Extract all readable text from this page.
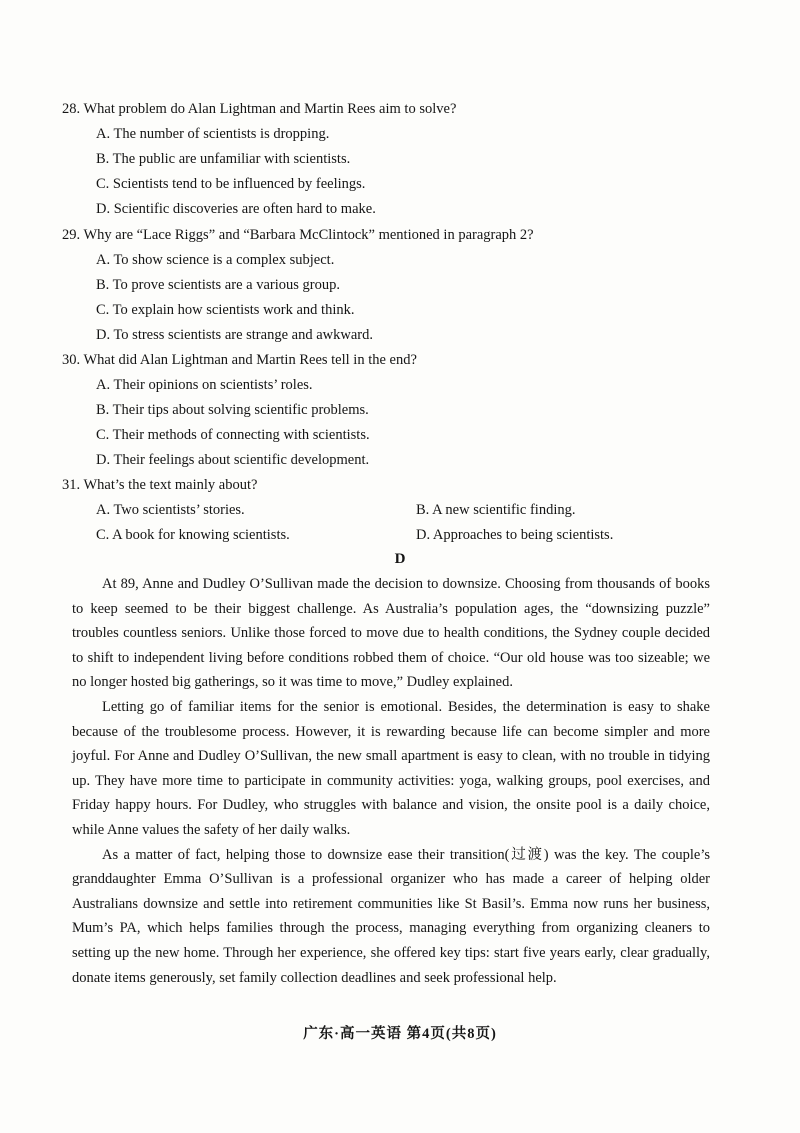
28. What problem do Alan Lightman and Martin Rees aim to solve?
A. The number of scientists is dropping.
B. The public are unfamiliar with scientists.
C. Scientists tend to be influenced by feelings.
D. Scientific discoveries are often hard to make.
29. Why are “Lace Riggs” and “Barbara McClintock” mentioned in paragraph 2?
A. To show science is a complex subject.
B. To prove scientists are a various group.
C. To explain how scientists work and think.
D. To stress scientists are strange and awkward.
30. What did Alan Lightman and Martin Rees tell in the end?
A. Their opinions on scientists’ roles.
B. Their tips about solving scientific problems.
C. Their methods of connecting with scientists.
D. Their feelings about scientific development.
31. What’s the text mainly about?
A. Two scientists’ stories.	B. A new scientific finding.
C. A book for knowing scientists.	D. Approaches to being scientists.
D

At 89, Anne and Dudley O’Sullivan made the decision to downsize. Choosing from thousands of books to keep seemed to be their biggest challenge. As Australia’s population ages, the “downsizing puzzle” troubles countless seniors. Unlike those forced to move due to health conditions, the Sydney couple decided to shift to independent living before conditions robbed them of choice. “Our old house was too sizeable; we no longer hosted big gatherings, so it was time to move,” Dudley explained.

Letting go of familiar items for the senior is emotional. Besides, the determination is easy to shake because of the troublesome process. However, it is rewarding because life can become simpler and more joyful. For Anne and Dudley O’Sullivan, the new small apartment is easy to clean, with no trouble in tidying up. They have more time to participate in community activities: yoga, walking groups, pool exercises, and Friday happy hours. For Dudley, who struggles with balance and vision, the onsite pool is a daily choice, while Anne values the safety of her daily walks.

As a matter of fact, helping those to downsize ease their transition(过渡) was the key. The couple’s granddaughter Emma O’Sullivan is a professional organizer who has made a career of helping older Australians downsize and settle into retirement communities like St Basil’s. Emma now runs her business, Mum’s PA, which helps families through the process, managing everything from organizing cleaners to setting up the new home. Through her experience, she offered key tips: start five years early, clear gradually, donate items generously, set family collection deadlines and seek professional help.

广东·高一英语 第4页(共8页)
